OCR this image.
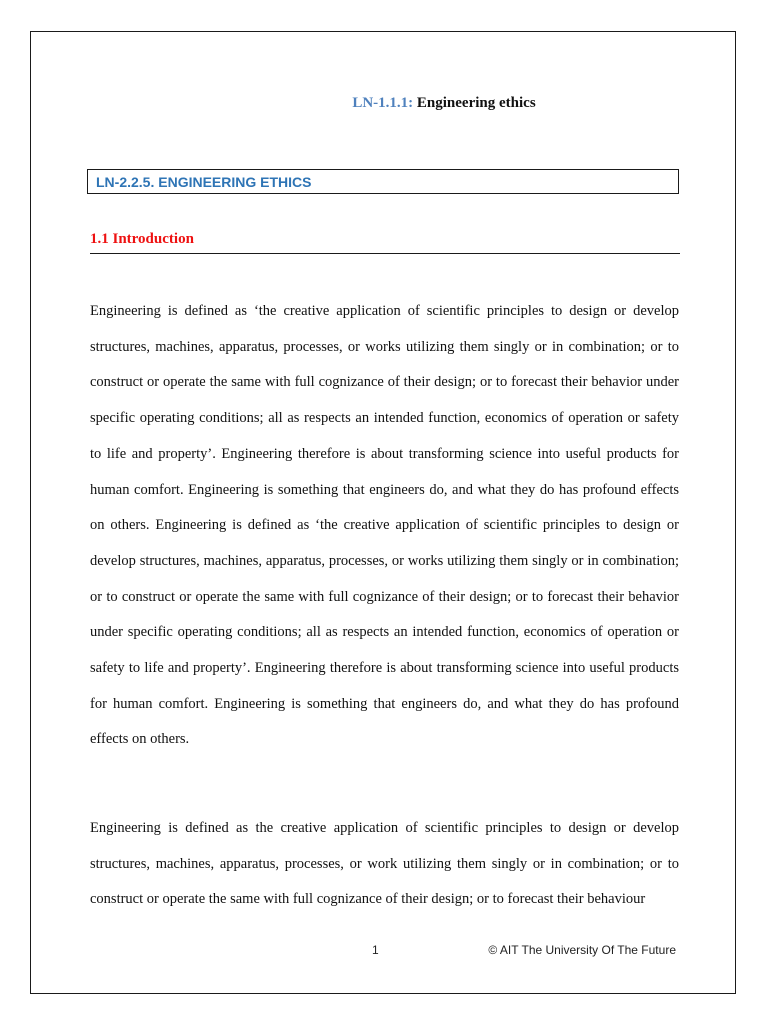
LN-1.1.1: Engineering ethics
LN-2.2.5. ENGINEERING ETHICS
1.1 Introduction

Engineering is defined as ‘the creative application of scientific principles to design or develop structures, machines, apparatus, processes, or works utilizing them singly or in combination; or to construct or operate the same with full cognizance of their design; or to forecast their behavior under specific operating conditions; all as respects an intended function, economics of operation or safety to life and property’. Engineering therefore is about transforming science into useful products for human comfort. Engineering is something that engineers do, and what they do has profound effects on others. Engineering is defined as ‘the creative application of scientific principles to design or develop structures, machines, apparatus, processes, or works utilizing them singly or in combination; or to construct or operate the same with full cognizance of their design; or to forecast their behavior under specific operating conditions; all as respects an intended function, economics of operation or safety to life and property’. Engineering therefore is about transforming science into useful products for human comfort. Engineering is something that engineers do, and what they do has profound effects on others.

Engineering is defined as the creative application of scientific principles to design or develop structures, machines, apparatus, processes, or work utilizing them singly or in combination; or to construct or operate the same with full cognizance of their design; or to forecast their behaviour

1	© AIT The University Of The Future
